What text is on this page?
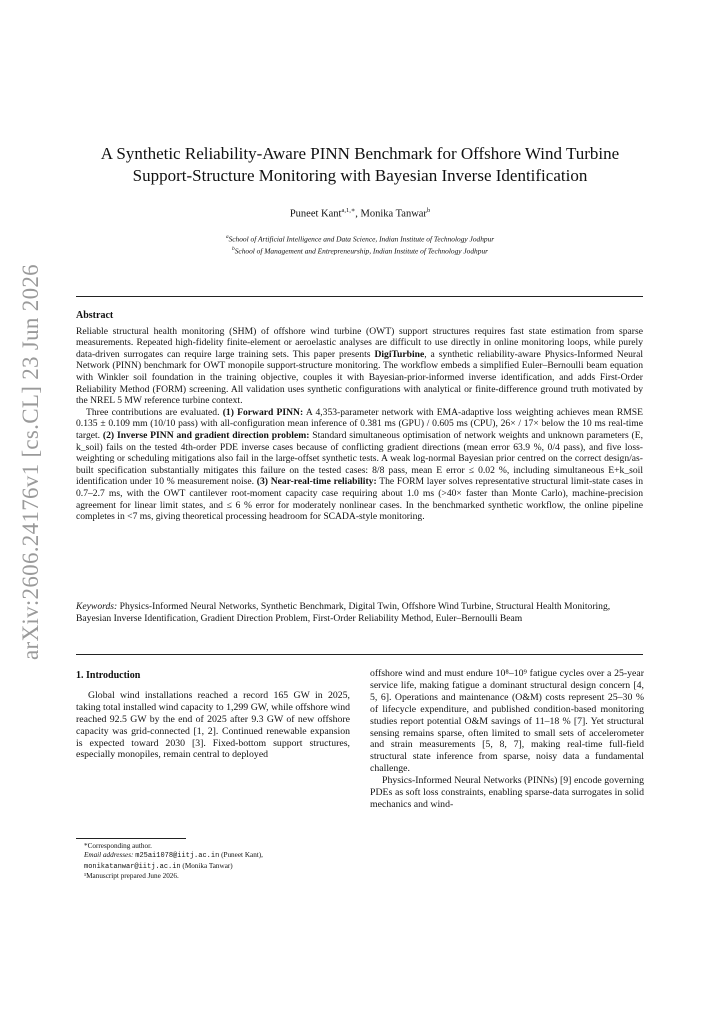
arXiv:2606.24176v1 [cs.CL] 23 Jun 2026
A Synthetic Reliability-Aware PINN Benchmark for Offshore Wind Turbine
Support-Structure Monitoring with Bayesian Inverse Identification
Puneet Kant$^{a,1,∗}$, Monika Tanwar$^b$
$^a$School of Artificial Intelligence and Data Science, Indian Institute of Technology Jodhpur
$^b$School of Management and Entrepreneurship, Indian Institute of Technology Jodhpur
Abstract

Reliable structural health monitoring (SHM) of offshore wind turbine (OWT) support structures requires fast state estimation from sparse measurements. Repeated high-fidelity finite-element or aeroelastic analyses are difficult to use directly in online monitoring loops, while purely data-driven surrogates can require large training sets. This paper presents DigiTurbine, a synthetic reliability-aware Physics-Informed Neural Network (PINN) benchmark for OWT monopile support-structure monitoring. The workflow embeds a simplified Euler–Bernoulli beam equation with Winkler soil foundation in the training objective, couples it with Bayesian-prior-informed inverse identification, and adds First-Order Reliability Method (FORM) screening. All validation uses synthetic configurations with analytical or finite-difference ground truth motivated by the NREL 5 MW reference turbine context.

Three contributions are evaluated. (1) Forward PINN: A 4,353-parameter network with EMA-adaptive loss weighting achieves mean RMSE 0.135 ± 0.109 mm (10/10 pass) with all-configuration mean inference of 0.381 ms (GPU) / 0.605 ms (CPU), 26× / 17× below the 10 ms real-time target. (2) Inverse PINN and gradient direction problem: Standard simultaneous optimisation of network weights and unknown parameters (E, k_soil) fails on the tested 4th-order PDE inverse cases because of conflicting gradient directions (mean error 63.9 %, 0/4 pass), and five loss-weighting or scheduling mitigations also fail in the large-offset synthetic tests. A weak log-normal Bayesian prior centred on the correct design/as-built specification substantially mitigates this failure on the tested cases: 8/8 pass, mean E error ≤ 0.02 %, including simultaneous E+k_soil identification under 10 % measurement noise. (3) Near-real-time reliability: The FORM layer solves representative structural limit-state cases in 0.7–2.7 ms, with the OWT cantilever root-moment capacity case requiring about 1.0 ms (>40× faster than Monte Carlo), machine-precision agreement for linear limit states, and ≤ 6 % error for moderately nonlinear cases. In the benchmarked synthetic workflow, the online pipeline completes in <7 ms, giving theoretical processing headroom for SCADA-style monitoring.

Keywords: Physics-Informed Neural Networks, Synthetic Benchmark, Digital Twin, Offshore Wind Turbine, Structural Health Monitoring, Bayesian Inverse Identification, Gradient Direction Problem, First-Order Reliability Method, Euler–Bernoulli Beam
1. Introduction

Global wind installations reached a record 165 GW in 2025, taking total installed wind capacity to 1,299 GW, while offshore wind reached 92.5 GW by the end of 2025 after 9.3 GW of new offshore capacity was grid-connected [1, 2]. Continued renewable expansion is expected toward 2030 [3]. Fixed-bottom support structures, especially monopiles, remain central to deployed

offshore wind and must endure 10⁸–10⁹ fatigue cycles over a 25-year service life, making fatigue a dominant structural design concern [4, 5, 6]. Operations and maintenance (O&M) costs represent 25–30 % of lifecycle expenditure, and published condition-based monitoring studies report potential O&M savings of 11–18 % [7]. Yet structural sensing remains sparse, often limited to small sets of accelerometer and strain measurements [5, 8, 7], making real-time full-field structural state inference from sparse, noisy data a fundamental challenge.

Physics-Informed Neural Networks (PINNs) [9] encode governing PDEs as soft loss constraints, enabling sparse-data surrogates in solid mechanics and wind-

*Corresponding author.
Email addresses: m25ai1078@iitj.ac.in (Puneet Kant),
monikatanwar@iitj.ac.in (Monika Tanwar)
¹Manuscript prepared June 2026.
